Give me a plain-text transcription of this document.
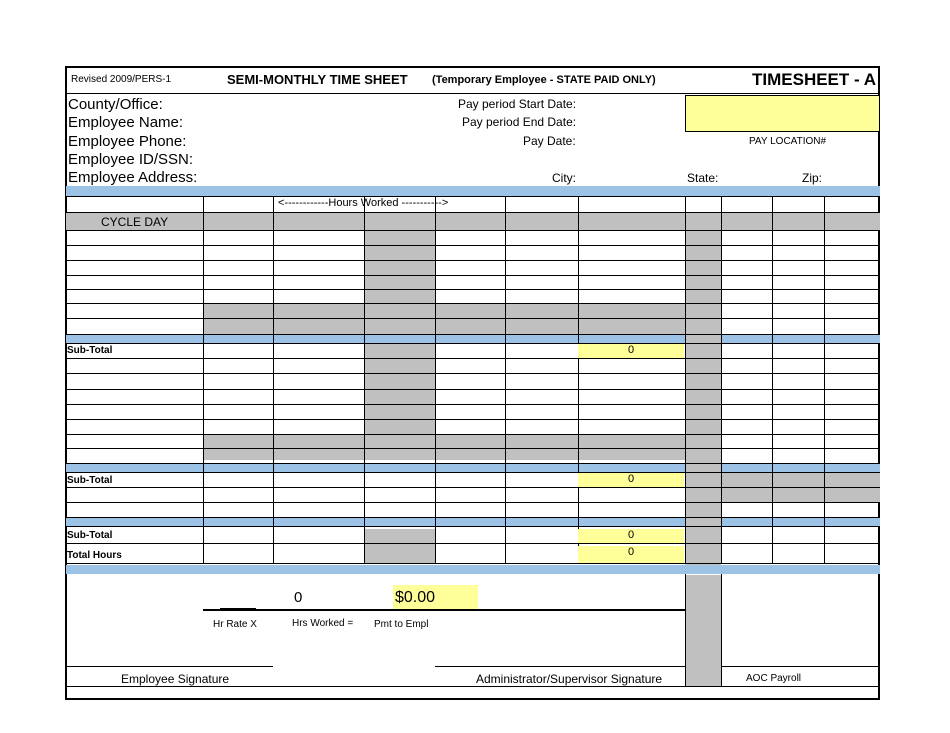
Revised 2009/PERS-1	SEMI-MONTHLY TIME SHEET (Temporary Employee - STATE PAID ONLY)	TIMESHEET - A
County/Office:
Employee Name:
Employee Phone:
Employee ID/SSN:
Employee Address:
Pay period Start Date:
Pay period End Date:
Pay Date:
City:	State:	Zip:
PAY LOCATION#
<------------Hours Worked ----------->
CYCLE DAY
Sub-Total	0
Sub-Total	0
Sub-Total	0
Total Hours	0
0	$0.00
Hr Rate X	Hrs Worked = Pmt to Empl
Employee Signature	Administrator/Supervisor Signature	AOC Payroll
